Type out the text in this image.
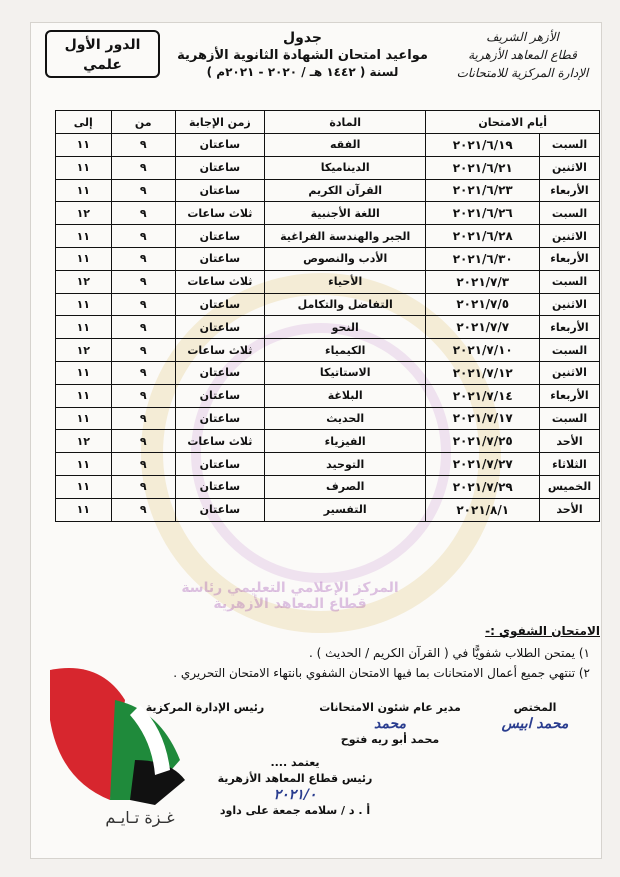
المركز الإعلامي التعليمي رئاسة قطاع المعاهد الأزهرية
الدور الأول
علمي
جدول
مواعيد امتحان الشهادة الثانوية الأزهرية
لسنة ( ١٤٤٢ هـ / ٢٠٢٠ - ٢٠٢١م )
الأزهر الشريف
قطاع المعاهد الأزهرية
الإدارة المركزية للامتحانات
أيام الامتحان		المادة	زمن الإجابة	من	إلى
السبت	٢٠٢١/٦/١٩	الفقه	ساعتان	٩	١١
الاثنين	٢٠٢١/٦/٢١	الديناميكا	ساعتان	٩	١١
الأربعاء	٢٠٢١/٦/٢٣	القرآن الكريم	ساعتان	٩	١١
السبت	٢٠٢١/٦/٢٦	اللغة الأجنبية	ثلاث ساعات	٩	١٢
الاثنين	٢٠٢١/٦/٢٨	الجبر والهندسة الفراغية	ساعتان	٩	١١
الأربعاء	٢٠٢١/٦/٣٠	الأدب والنصوص	ساعتان	٩	١١
السبت	٢٠٢١/٧/٣	الأحياء	ثلاث ساعات	٩	١٢
الاثنين	٢٠٢١/٧/٥	التفاضل والتكامل	ساعتان	٩	١١
الأربعاء	٢٠٢١/٧/٧	النحو	ساعتان	٩	١١
السبت	٢٠٢١/٧/١٠	الكيمياء	ثلاث ساعات	٩	١٢
الاثنين	٢٠٢١/٧/١٢	الاستاتيكا	ساعتان	٩	١١
الأربعاء	٢٠٢١/٧/١٤	البلاغة	ساعتان	٩	١١
السبت	٢٠٢١/٧/١٧	الحديث	ساعتان	٩	١١
الأحد	٢٠٢١/٧/٢٥	الفيزياء	ثلاث ساعات	٩	١٢
الثلاثاء	٢٠٢١/٧/٢٧	التوحيد	ساعتان	٩	١١
الخميس	٢٠٢١/٧/٢٩	الصرف	ساعتان	٩	١١
الأحد	٢٠٢١/٨/١	التفسير	ساعتان	٩	١١
الامتحان الشفوي :-
١) يمتحن الطلاب شفويًّا في ( القرآن الكريم / الحديث ) .
٢) تنتهي جميع أعمال الامتحانات بما فيها الامتحان الشفوي بانتهاء الامتحان التحريري .
المختص
محمد ابيس
مدير عام شئون الامتحانات
محمد
محمد أبو ريه فتوح
رئيس الإدارة المركزية
يعتمد ....
رئيس قطاع المعاهد الأزهرية
٢٠٢١/٠
أ . د / سلامه جمعة على داود
غـزة تـايـم
